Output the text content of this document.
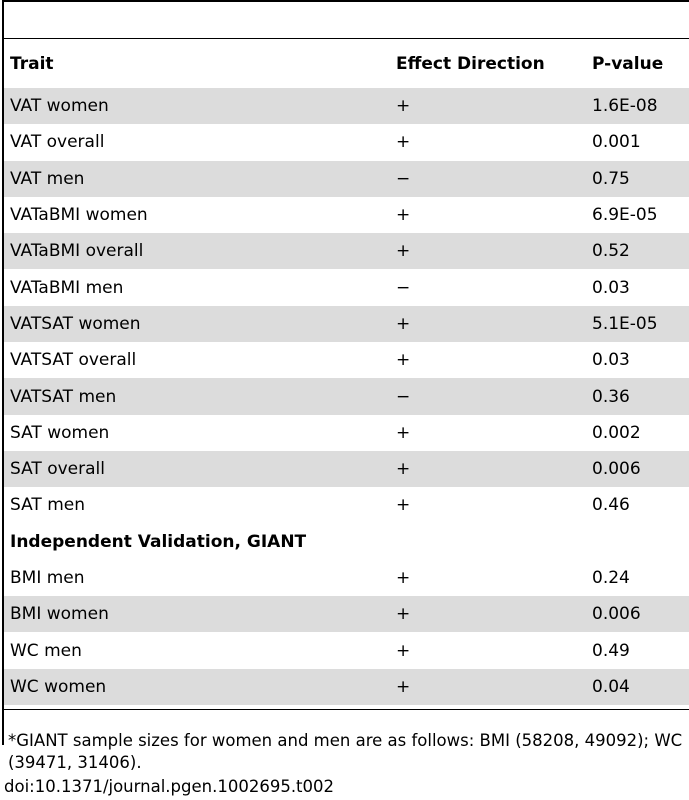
Trait	Effect Direction	P-value
VAT women	+	1.6E-08
VAT overall	+	0.001
VAT men	−	0.75
VATaBMI women	+	6.9E-05
VATaBMI overall	+	0.52
VATaBMI men	−	0.03
VATSAT women	+	5.1E-05
VATSAT overall	+	0.03
VATSAT men	−	0.36
SAT women	+	0.002
SAT overall	+	0.006
SAT men	+	0.46
Independent Validation, GIANT
BMI men	+	0.24
BMI women	+	0.006
WC men	+	0.49
WC women	+	0.04
*GIANT sample sizes for women and men are as follows: BMI (58208, 49092); WC (39471, 31406).
doi:10.1371/journal.pgen.1002695.t002
